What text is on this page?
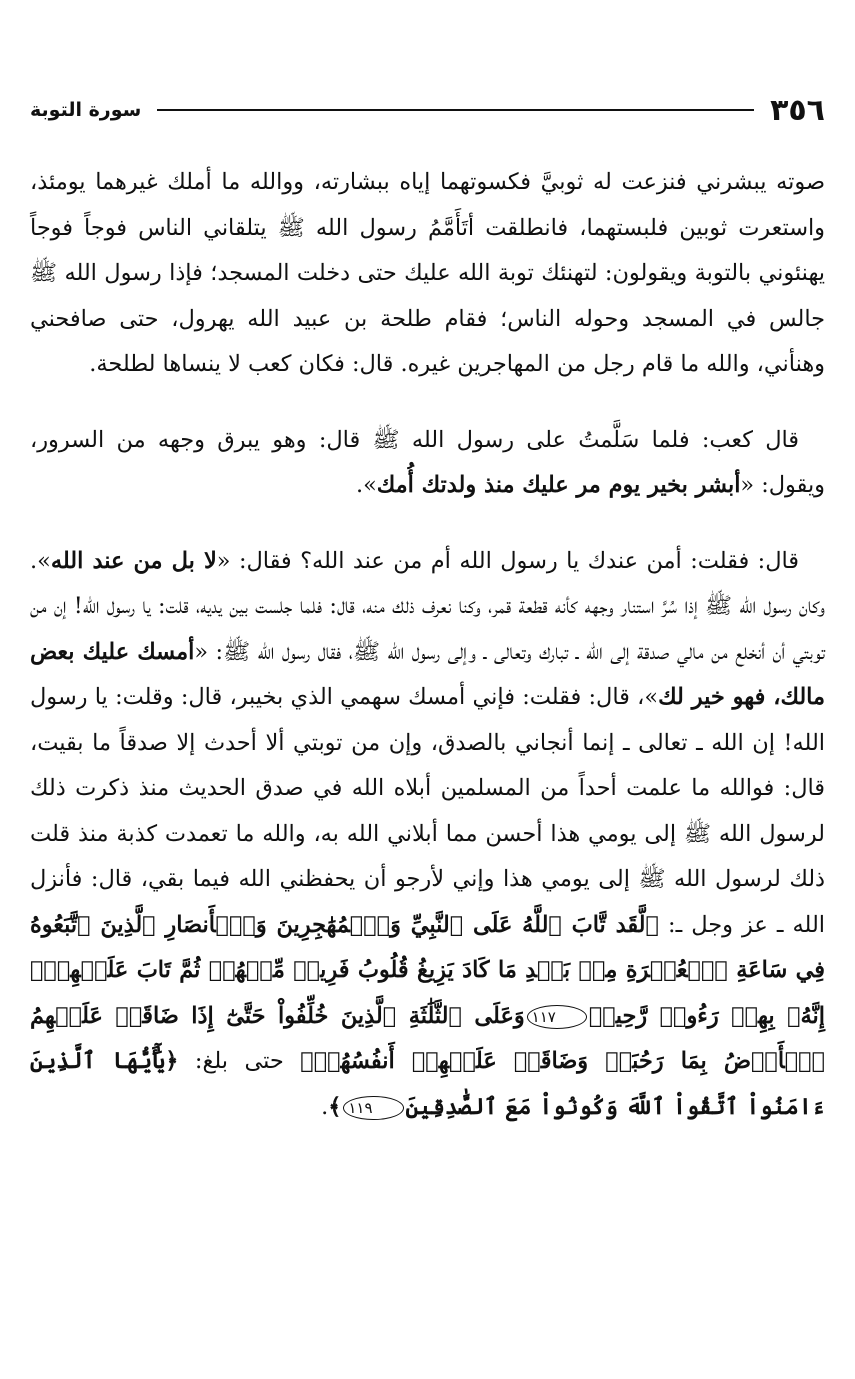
٣٥٦
سورة التوبة

صوته يبشرني فنزعت له ثوبيَّ فكسوتهما إياه ببشارته، ووالله ما أملك غيرهما يومئذ، واستعرت ثوبين فلبستهما، فانطلقت أتَأَمَّمُ رسول الله ﷺ يتلقاني الناس فوجاً فوجاً يهنئوني بالتوبة ويقولون: لتهنئك توبة الله عليك حتى دخلت المسجد؛ فإذا رسول الله ﷺ جالس في المسجد وحوله الناس؛ فقام طلحة بن عبيد الله يهرول، حتى صافحني وهنأني، والله ما قام رجل من المهاجرين غيره. قال: فكان كعب لا ينساها لطلحة.

قال كعب: فلما سَلَّمتُ على رسول الله ﷺ قال: وهو يبرق وجهه من السرور، ويقول: «أبشر بخير يوم مر عليك منذ ولدتك أُمك».

قال: فقلت: أمن عندك يا رسول الله أم من عند الله؟ فقال: «لا بل من عند الله». وكان رسول الله ﷺ إذا سُرَّ استنار وجهه كأنه قطعة قمر، وكنا نعرف ذلك منه، قال: فلما جلست بين يديه، قلت: يا رسول الله! إن من توبتي أن أنخلع من مالي صدقة إلى الله ـ تبارك وتعالى ـ وإلى رسول الله ﷺ، فقال رسول الله ﷺ: «أمسك عليك بعض مالك، فهو خير لك»، قال: فقلت: فإني أمسك سهمي الذي بخيبر، قال: وقلت: يا رسول الله! إن الله ـ تعالى ـ إنما أنجاني بالصدق، وإن من توبتي ألا أحدث إلا صدقاً ما بقيت، قال: فوالله ما علمت أحداً من المسلمين أبلاه الله في صدق الحديث منذ ذكرت ذلك لرسول الله ﷺ إلى يومي هذا أحسن مما أبلاني الله به، والله ما تعمدت كذبة منذ قلت ذلك لرسول الله ﷺ إلى يومي هذا وإني لأرجو أن يحفظني الله فيما بقي، قال: فأنزل الله ـ عز وجل ـ: ﴿لَّقَد تَّابَ ٱللَّهُ عَلَى ٱلنَّبِيِّ وَٱلۡمُهَٰجِرِينَ وَٱلۡأَنصَارِ ٱلَّذِينَ ٱتَّبَعُوهُ فِي سَاعَةِ ٱلۡعُسۡرَةِ مِنۢ بَعۡدِ مَا كَادَ يَزِيغُ قُلُوبُ فَرِيقٖ مِّنۡهُمۡ ثُمَّ تَابَ عَلَيۡهِمۡۚ إِنَّهُۥ بِهِمۡ رَءُوفٞ رَّحِيمٞ١١٧وَعَلَى ٱلثَّلَٰثَةِ ٱلَّذِينَ خُلِّفُواْ حَتَّىٰٓ إِذَا ضَاقَتۡ عَلَيۡهِمُ ٱلۡأَرۡضُ بِمَا رَحُبَتۡ وَضَاقَتۡ عَلَيۡهِمۡ أَنفُسُهُمۡ﴾ حتى بلغ: ﴿يَٰٓأَيُّهَا ٱلَّذِينَ ءَامَنُواْ ٱتَّقُواْ ٱللَّهَ وَكُونُواْ مَعَ ٱلصَّٰدِقِينَ١١٩﴾.
